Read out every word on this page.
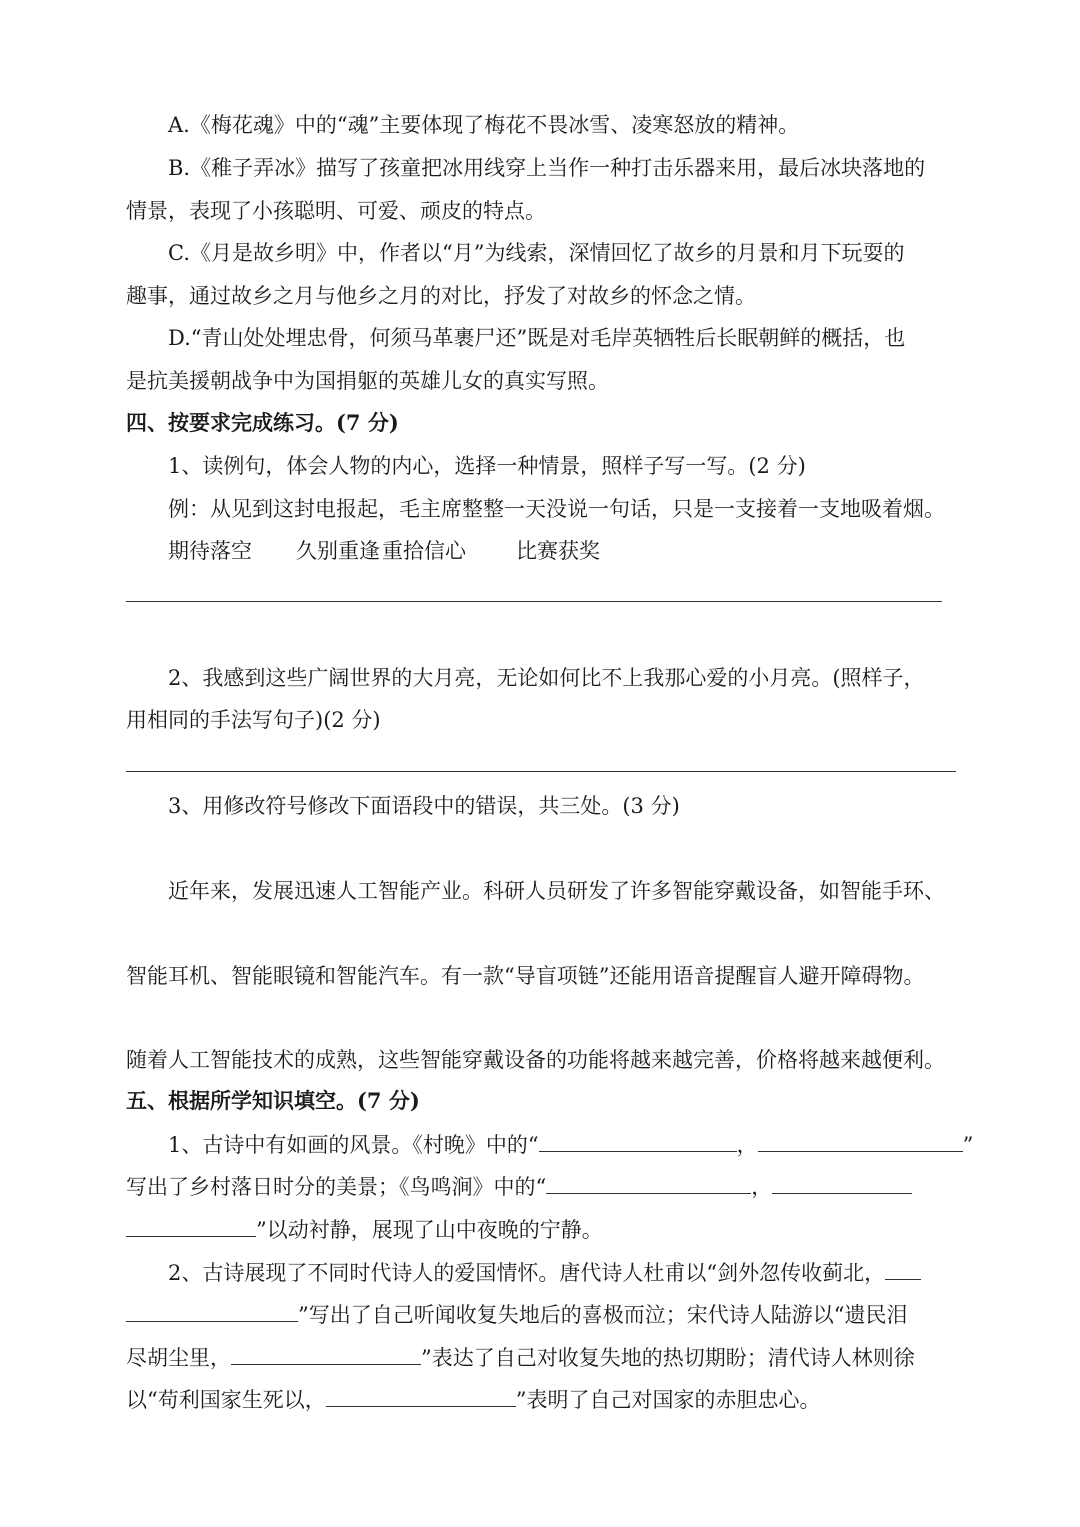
A.《梅花魂》中的“魂”主要体现了梅花不畏冰雪、凌寒怒放的精神。
B.《稚子弄冰》描写了孩童把冰用线穿上当作一种打击乐器来用，最后冰块落地的
情景，表现了小孩聪明、可爱、顽皮的特点。
C.《月是故乡明》中，作者以“月”为线索，深情回忆了故乡的月景和月下玩耍的
趣事，通过故乡之月与他乡之月的对比，抒发了对故乡的怀念之情。
D.“青山处处埋忠骨，何须马革裹尸还”既是对毛岸英牺牲后长眠朝鲜的概括，也
是抗美援朝战争中为国捐躯的英雄儿女的真实写照。
四、按要求完成练习。(7 分)
1、读例句，体会人物的内心，选择一种情景，照样子写一写。(2 分)
例：从见到这封电报起，毛主席整整一天没说一句话，只是一支接着一支地吸着烟。
期待落空 久别重逢重拾信心 比赛获奖
2、我感到这些广阔世界的大月亮，无论如何比不上我那心爱的小月亮。(照样子，
用相同的手法写句子)(2 分)
3、用修改符号修改下面语段中的错误，共三处。(3 分)
近年来，发展迅速人工智能产业。科研人员研发了许多智能穿戴设备，如智能手环、
智能耳机、智能眼镜和智能汽车。有一款“导盲项链”还能用语音提醒盲人避开障碍物。
随着人工智能技术的成熟，这些智能穿戴设备的功能将越来越完善，价格将越来越便利。
五、根据所学知识填空。(7 分)
1、古诗中有如画的风景。《村晚》中的“	，	”
写出了乡村落日时分的美景；《鸟鸣涧》中的“	，
”以动衬静，展现了山中夜晚的宁静。
2、古诗展现了不同时代诗人的爱国情怀。唐代诗人杜甫以“剑外忽传收蓟北，
”写出了自己听闻收复失地后的喜极而泣；宋代诗人陆游以“遗民泪
尽胡尘里，	”表达了自己对收复失地的热切期盼；清代诗人林则徐
以“苟利国家生死以，	”表明了自己对国家的赤胆忠心。
